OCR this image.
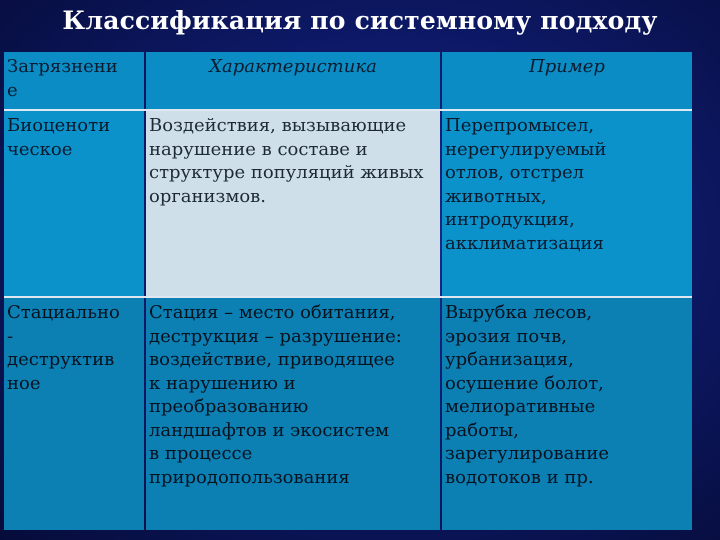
Классификация по системному подходу
Загрязнени
е
Характеристика	Пример
Биоценоти
ческое
Воздействия, вызывающие
нарушение в составе и
структуре популяций живых
организмов.
Перепромысел,
нерегулируемый
отлов, отстрел
животных,
интродукция,
акклиматизация
Стациально
-
деструктив
ное
Стация – место обитания,
деструкция – разрушение:
воздействие, приводящее
к нарушению и
преобразованию
ландшафтов и экосистем
в процессе
природопользования
Вырубка лесов,
эрозия почв,
урбанизация,
осушение болот,
мелиоративные
работы,
зарегулирование
водотоков и пр.
